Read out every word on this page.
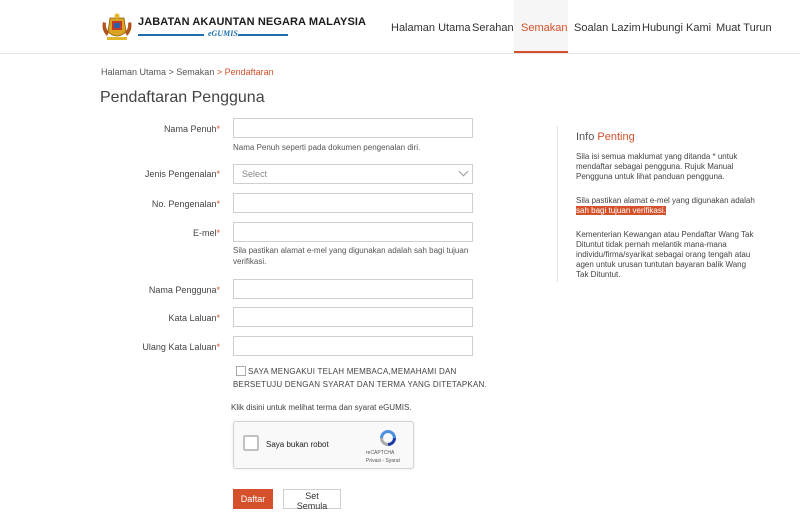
JABATAN AKAUNTAN NEGARA MALAYSIA
eGUMIS	Halaman Utama Serahan Semakan Soalan Lazim Hubungi Kami Muat Turun
Halaman Utama > Semakan > Pendaftaran
Pendaftaran Pengguna
Nama Penuh*
Nama Penuh seperti pada dokumen pengenalan diri.
Jenis Pengenalan*	Select
No. Pengenalan*
E-mel*
Sila pastikan alamat e-mel yang digunakan adalah sah bagi tujuan verifikasi.
Nama Pengguna*
Kata Laluan*
Ulang Kata Laluan*
SAYA MENGAKUI TELAH MEMBACA,MEMAHAMI DAN BERSETUJU DENGAN SYARAT DAN TERMA YANG DITETAPKAN.
Klik disini untuk melihat terma dan syarat eGUMIS.
Saya bukan robot
reCAPTCHA
Privasi - Syarat
Daftar	Set Semula
Info Penting
Sila isi semua maklumat yang ditanda * untuk mendaftar sebagai pengguna. Rujuk Manual Pengguna untuk lihat panduan pengguna.
Sila pastikan alamat e-mel yang digunakan adalah sah bagi tujuan verifikasi.
Kementerian Kewangan atau Pendaftar Wang Tak Dituntut tidak pernah melantik mana-mana individu/firma/syarikat sebagai orang tengah atau agen untuk urusan tuntutan bayaran balik Wang Tak Dituntut.
